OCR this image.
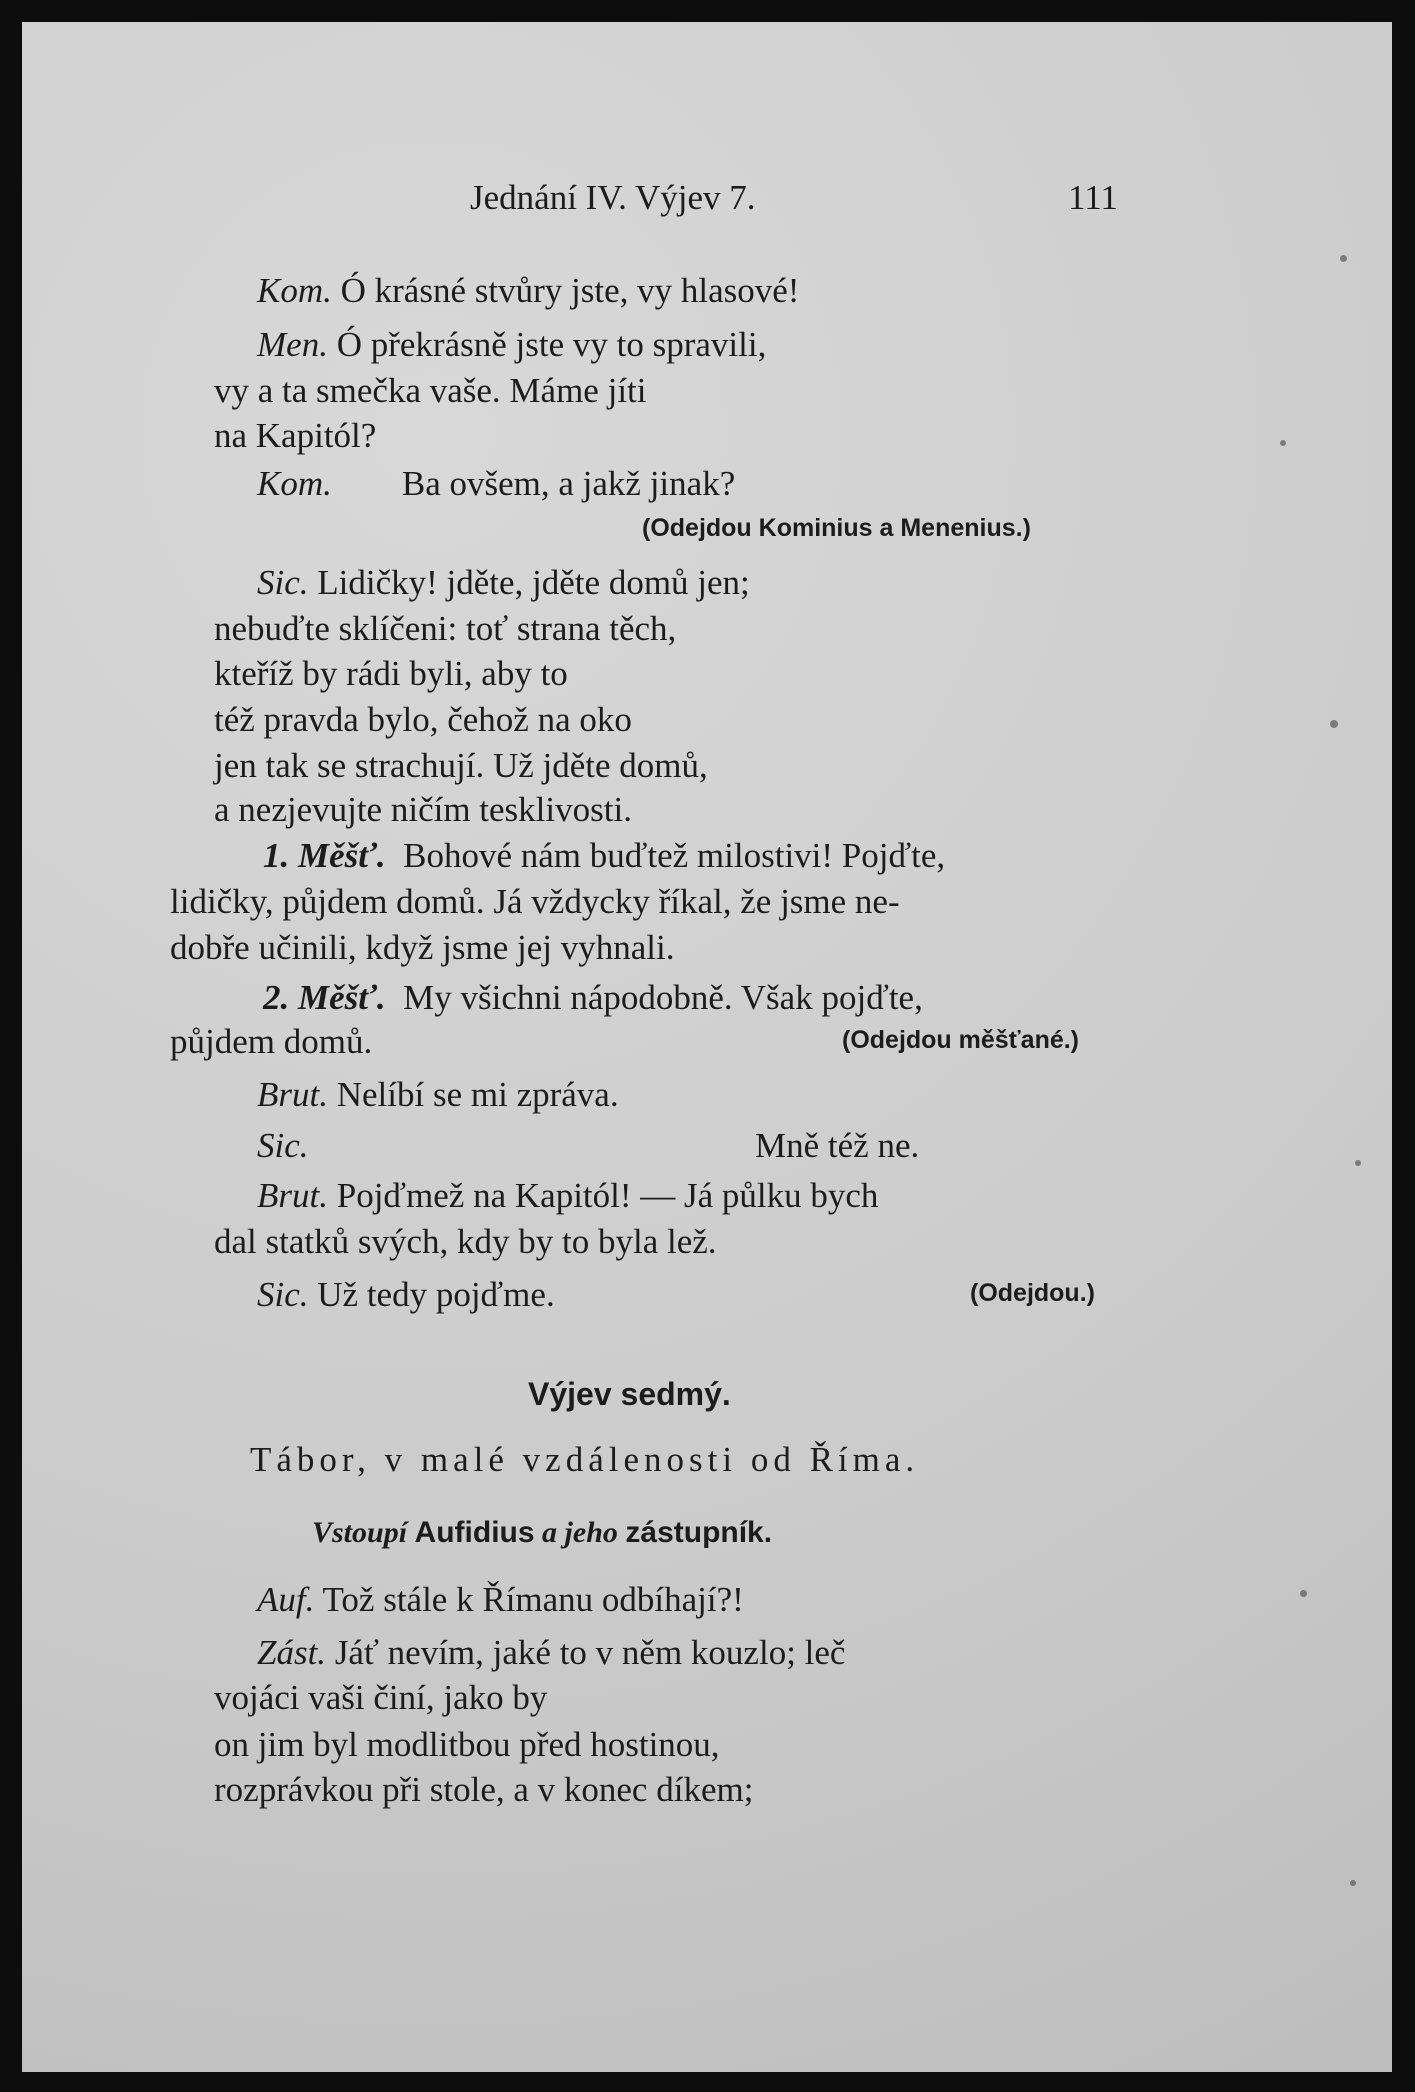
Jednání IV. Výjev 7.	111
Kom. Ó krásné stvůry jste, vy hlasové!
Men. Ó překrásně jste vy to spravili,
vy a ta smečka vaše. Máme jíti
na Kapitól?
Kom. Ba ovšem, a jakž jinak?
(Odejdou Kominius a Menenius.)
Sic. Lidičky! jděte, jděte domů jen;
nebuďte sklíčeni: toť strana těch,
kteříž by rádi byli, aby to
též pravda bylo, čehož na oko
jen tak se strachují. Už jděte domů,
a nezjevujte ničím tesklivosti.
1. Měšť. Bohové nám buďtež milostivi! Pojďte,
lidičky, půjdem domů. Já vždycky říkal, že jsme ne-
dobře učinili, když jsme jej vyhnali.
2. Měšť. My všichni nápodobně. Však pojďte,
půjdem domů.	(Odejdou měšťané.)
Brut. Nelíbí se mi zpráva.
Sic.	Mně též ne.
Brut. Pojďmež na Kapitól! — Já půlku bych
dal statků svých, kdy by to byla lež.
Sic. Už tedy pojďme.	(Odejdou.)
Výjev sedmý.
Tábor, v malé vzdálenosti od Říma.
Vstoupí Aufidius a jeho zástupník.
Auf. Tož stále k Římanu odbíhají?!
Zást. Jáť nevím, jaké to v něm kouzlo; leč
vojáci vaši činí, jako by
on jim byl modlitbou před hostinou,
rozprávkou při stole, a v konec díkem;
